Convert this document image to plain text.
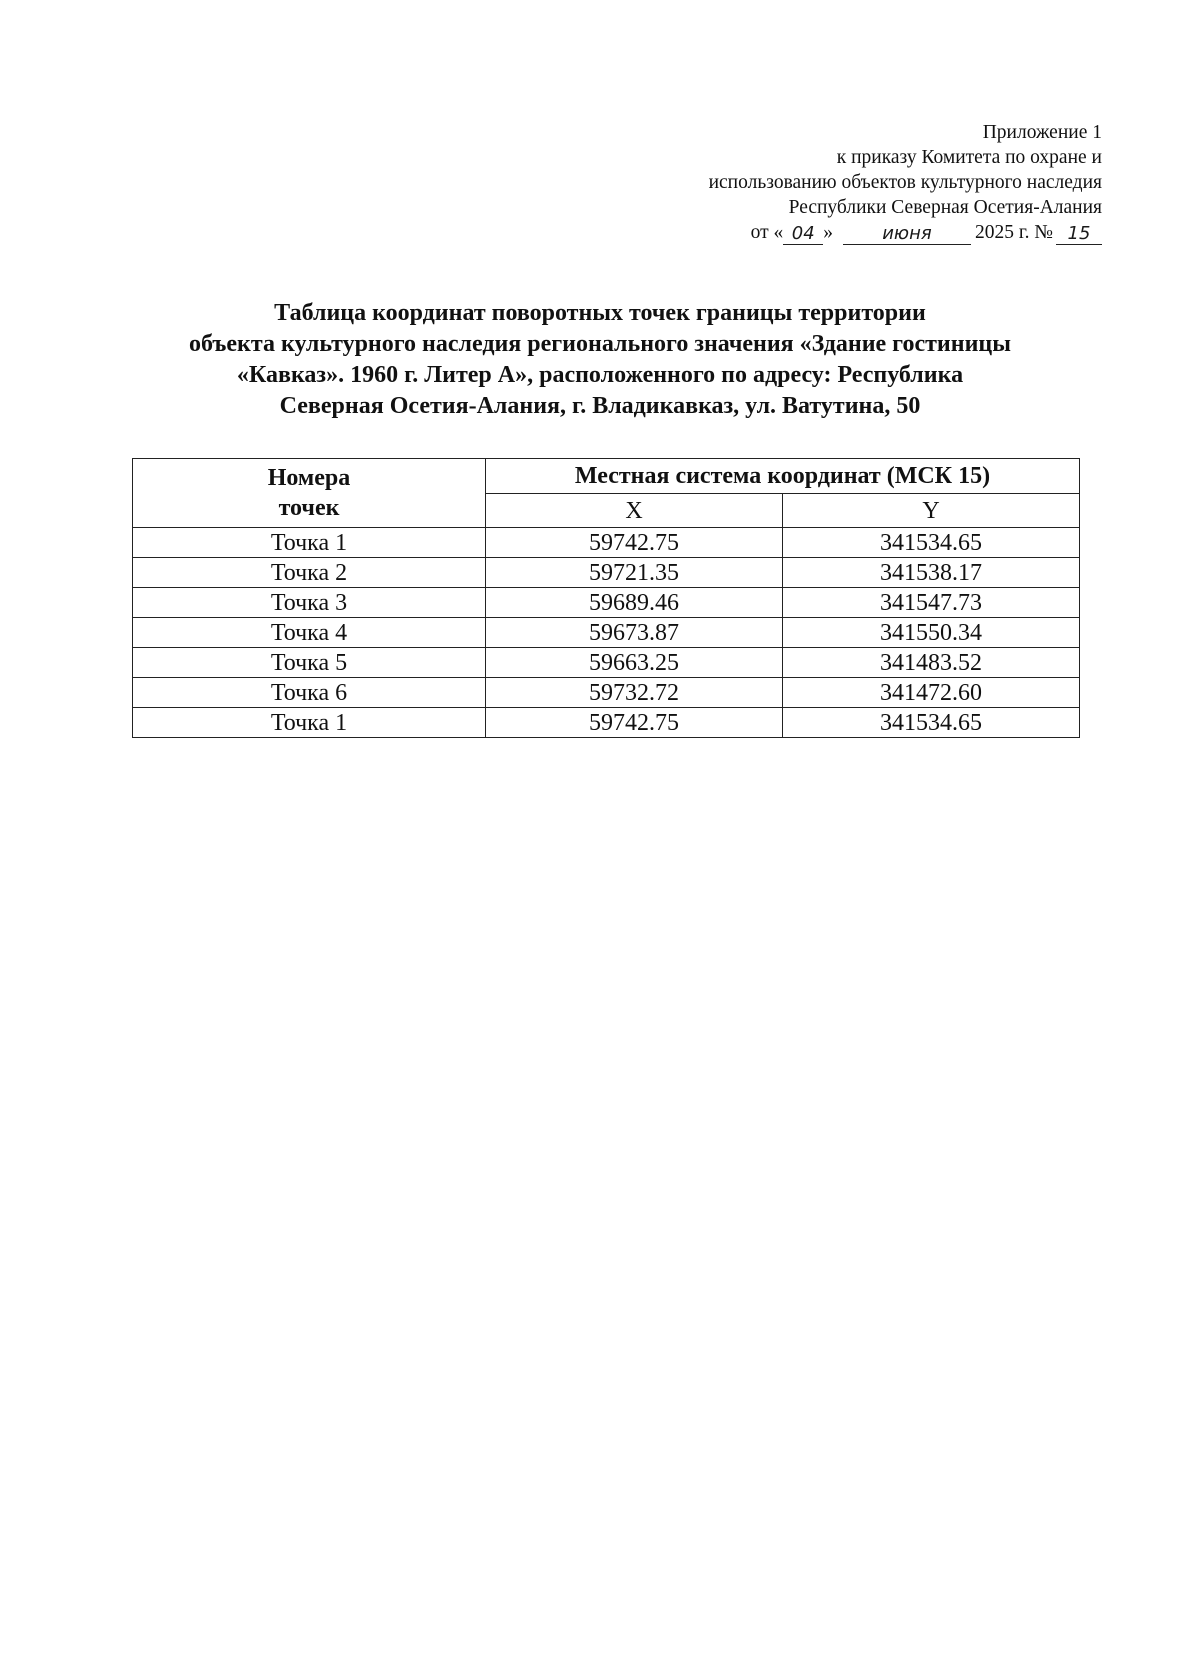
Приложение 1
к приказу Комитета по охране и
использованию объектов культурного наследия
Республики Северная Осетия-Алания
от « 04 »	июня	2025 г. № 15
Таблица координат поворотных точек границы территории
объекта культурного наследия регионального значения «Здание гостиницы
«Кавказ». 1960 г. Литер А», расположенного по адресу: Республика
Северная Осетия-Алания, г. Владикавказ, ул. Ватутина, 50
Номера
точек	Местная система координат (МСК 15)	
	X	Y
Точка 1	59742.75	341534.65
Точка 2	59721.35	341538.17
Точка 3	59689.46	341547.73
Точка 4	59673.87	341550.34
Точка 5	59663.25	341483.52
Точка 6	59732.72	341472.60
Точка 1	59742.75	341534.65
